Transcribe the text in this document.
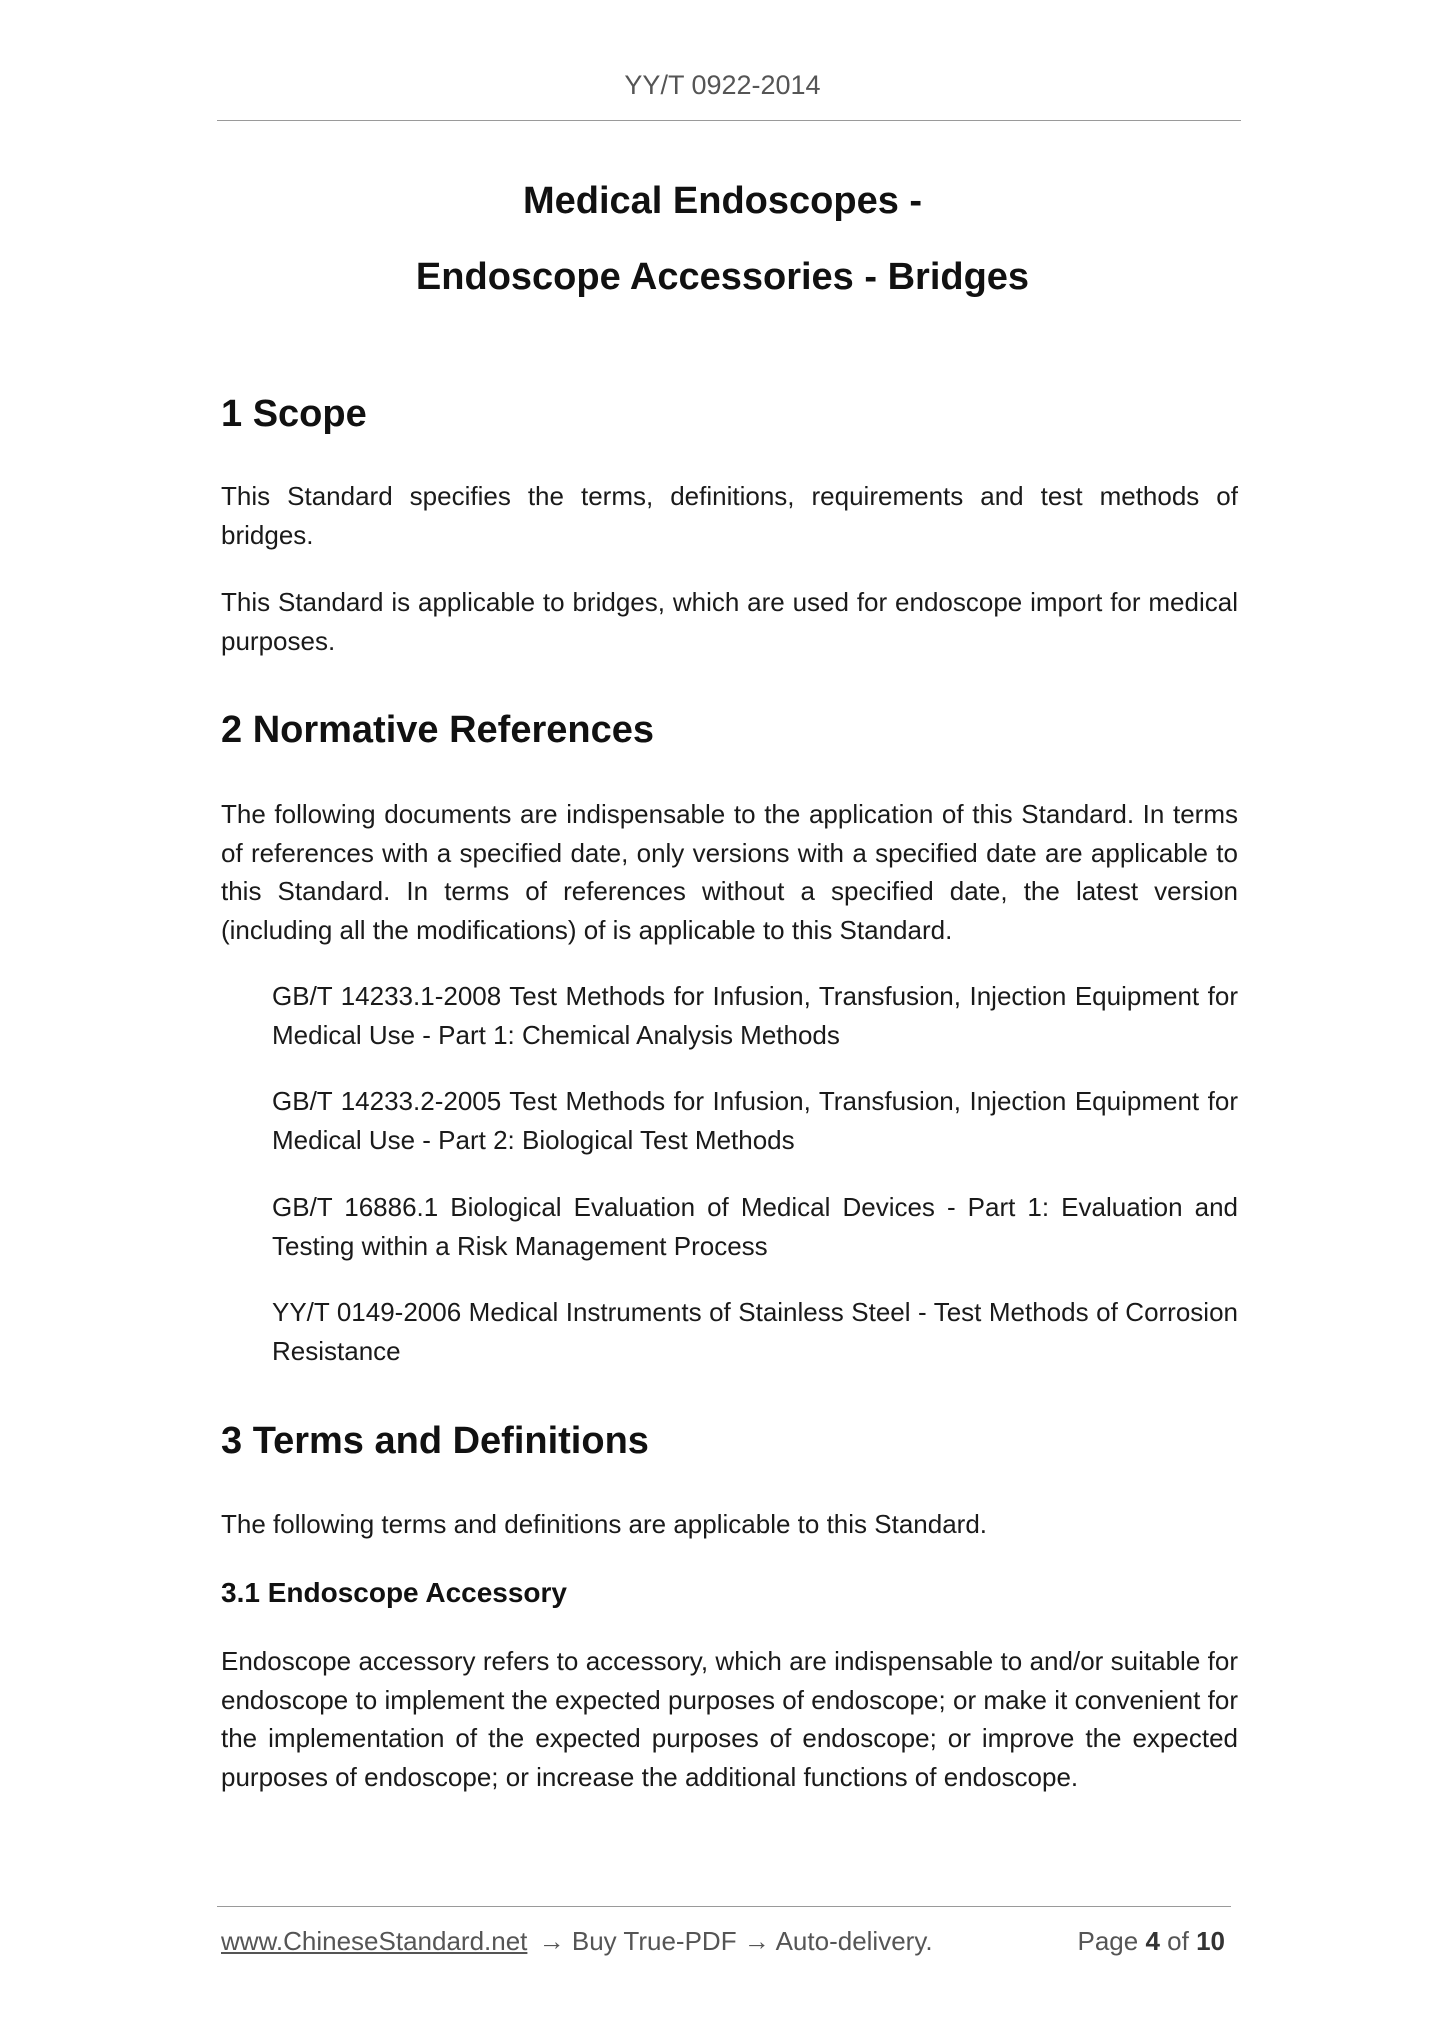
YY/T 0922-2014
Medical Endoscopes -
Endoscope Accessories - Bridges
1 Scope
This Standard specifies the terms, definitions, requirements and test methods of bridges.
This Standard is applicable to bridges, which are used for endoscope import for medical purposes.
2 Normative References
The following documents are indispensable to the application of this Standard. In terms of references with a specified date, only versions with a specified date are applicable to this Standard. In terms of references without a specified date, the latest version (including all the modifications) of is applicable to this Standard.
GB/T 14233.1-2008 Test Methods for Infusion, Transfusion, Injection Equipment for Medical Use - Part 1: Chemical Analysis Methods
GB/T 14233.2-2005 Test Methods for Infusion, Transfusion, Injection Equipment for Medical Use - Part 2: Biological Test Methods
GB/T 16886.1 Biological Evaluation of Medical Devices - Part 1: Evaluation and Testing within a Risk Management Process
YY/T 0149-2006 Medical Instruments of Stainless Steel - Test Methods of Corrosion Resistance
3 Terms and Definitions
The following terms and definitions are applicable to this Standard.
3.1 Endoscope Accessory
Endoscope accessory refers to accessory, which are indispensable to and/or suitable for endoscope to implement the expected purposes of endoscope; or make it convenient for the implementation of the expected purposes of endoscope; or improve the expected purposes of endoscope; or increase the additional functions of endoscope.
www.ChineseStandard.net → Buy True-PDF → Auto-delivery.	Page 4 of 10
